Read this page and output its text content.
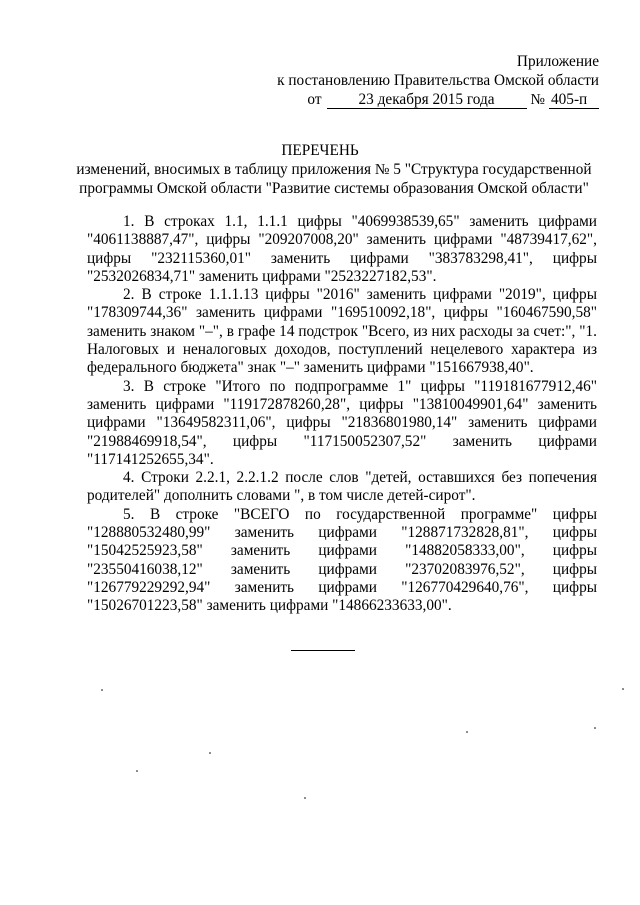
Приложение
к постановлению Правительства Омской области
от 23 декабря 2015 года № 405-п
ПЕРЕЧЕНЬ
изменений, вносимых в таблицу приложения № 5 "Структура государственной программы Омской области "Развитие системы образования Омской области"

1. В строках 1.1, 1.1.1 цифры "4069938539,65" заменить цифрами "4061138887,47", цифры "209207008,20" заменить цифрами "48739417,62", цифры "232115360,01" заменить цифрами "383783298,41", цифры "2532026834,71" заменить цифрами "2523227182,53".

2. В строке 1.1.1.13 цифры "2016" заменить цифрами "2019", цифры "178309744,36" заменить цифрами "169510092,18", цифры "160467590,58" заменить знаком "–", в графе 14 подстрок "Всего, из них расходы за счет:", "1. Налоговых и неналоговых доходов, поступлений нецелевого характера из федерального бюджета" знак "–" заменить цифрами "151667938,40".

3. В строке "Итого по подпрограмме 1" цифры "119181677912,46" заменить цифрами "119172878260,28", цифры "13810049901,64" заменить цифрами "13649582311,06", цифры "21836801980,14" заменить цифрами "21988469918,54", цифры "117150052307,52" заменить цифрами "117141252655,34".

4. Строки 2.2.1, 2.2.1.2 после слов "детей, оставшихся без попечения родителей" дополнить словами ", в том числе детей-сирот".

5. В строке "ВСЕГО по государственной программе" цифры "128880532480,99" заменить цифрами "128871732828,81", цифры "15042525923,58" заменить цифрами "14882058333,00", цифры "23550416038,12" заменить цифрами "23702083976,52", цифры "126779229292,94" заменить цифрами "126770429640,76", цифры "15026701223,58" заменить цифрами "14866233633,00".
